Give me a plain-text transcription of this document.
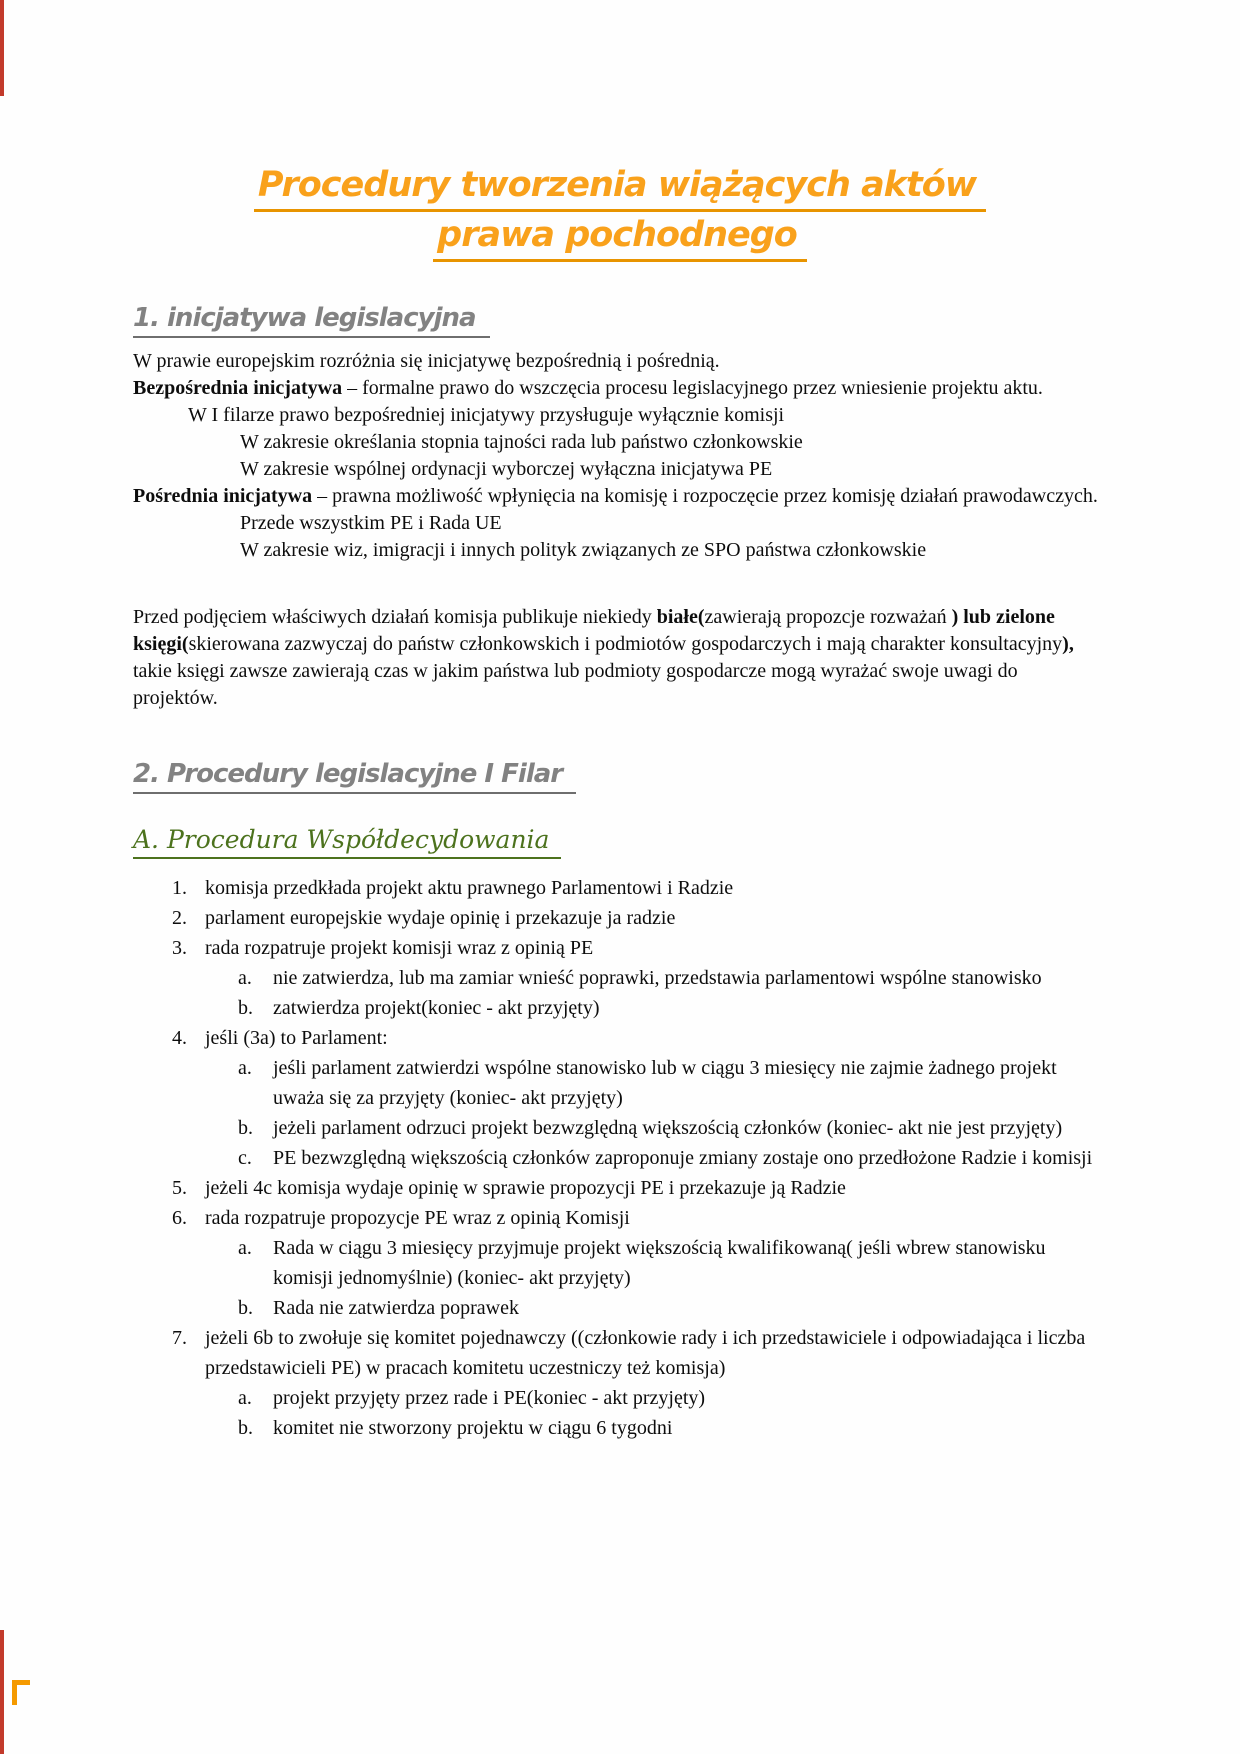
Procedury tworzenia wiążących aktów
prawa pochodnego
1. inicjatywa legislacyjna
W prawie europejskim rozróżnia się inicjatywę bezpośrednią i pośrednią.
Bezpośrednia inicjatywa – formalne prawo do wszczęcia procesu legislacyjnego przez wniesienie projektu aktu.
W I filarze prawo bezpośredniej inicjatywy przysługuje wyłącznie komisji
W zakresie określania stopnia tajności rada lub państwo członkowskie
W zakresie wspólnej ordynacji wyborczej wyłączna inicjatywa PE
Pośrednia inicjatywa – prawna możliwość wpłynięcia na komisję i rozpoczęcie przez komisję działań prawodawczych.
Przede wszystkim PE i Rada UE
W zakresie wiz, imigracji i innych polityk związanych ze SPO państwa członkowskie
Przed podjęciem właściwych działań komisja publikuje niekiedy białe(zawierają propozcje rozważań ) lub zielone księgi(skierowana zazwyczaj do państw członkowskich i podmiotów gospodarczych i mają charakter konsultacyjny), takie księgi zawsze zawierają czas w jakim państwa lub podmioty gospodarcze mogą wyrażać swoje uwagi do projektów.
2. Procedury legislacyjne I Filar
A. Procedura Współdecydowania
1. komisja przedkłada projekt aktu prawnego Parlamentowi i Radzie
2. parlament europejskie wydaje opinię i przekazuje ja radzie
3. rada rozpatruje projekt komisji wraz z opinią PE
a.	nie zatwierdza, lub ma zamiar wnieść poprawki, przedstawia parlamentowi wspólne stanowisko
b.	zatwierdza projekt(koniec - akt przyjęty)
4. jeśli (3a) to Parlament:
a.	jeśli parlament zatwierdzi wspólne stanowisko lub w ciągu 3 miesięcy nie zajmie żadnego projekt uważa się za przyjęty (koniec- akt przyjęty)
b.	jeżeli parlament odrzuci projekt bezwzględną większością członków (koniec- akt nie jest przyjęty)
c.	PE bezwzględną większością członków zaproponuje zmiany zostaje ono przedłożone Radzie i komisji
5. jeżeli 4c komisja wydaje opinię w sprawie propozycji PE i przekazuje ją Radzie
6. rada rozpatruje propozycje PE wraz z opinią Komisji
a.	Rada w ciągu 3 miesięcy przyjmuje projekt większością kwalifikowaną( jeśli wbrew stanowisku komisji jednomyślnie) (koniec- akt przyjęty)
b.	Rada nie zatwierdza poprawek
7. jeżeli 6b to zwołuje się komitet pojednawczy ((członkowie rady i ich przedstawiciele i odpowiadająca i liczba przedstawicieli PE) w pracach komitetu uczestniczy też komisja)
a.	projekt przyjęty przez rade i PE(koniec - akt przyjęty)
b.	komitet nie stworzony projektu w ciągu 6 tygodni
